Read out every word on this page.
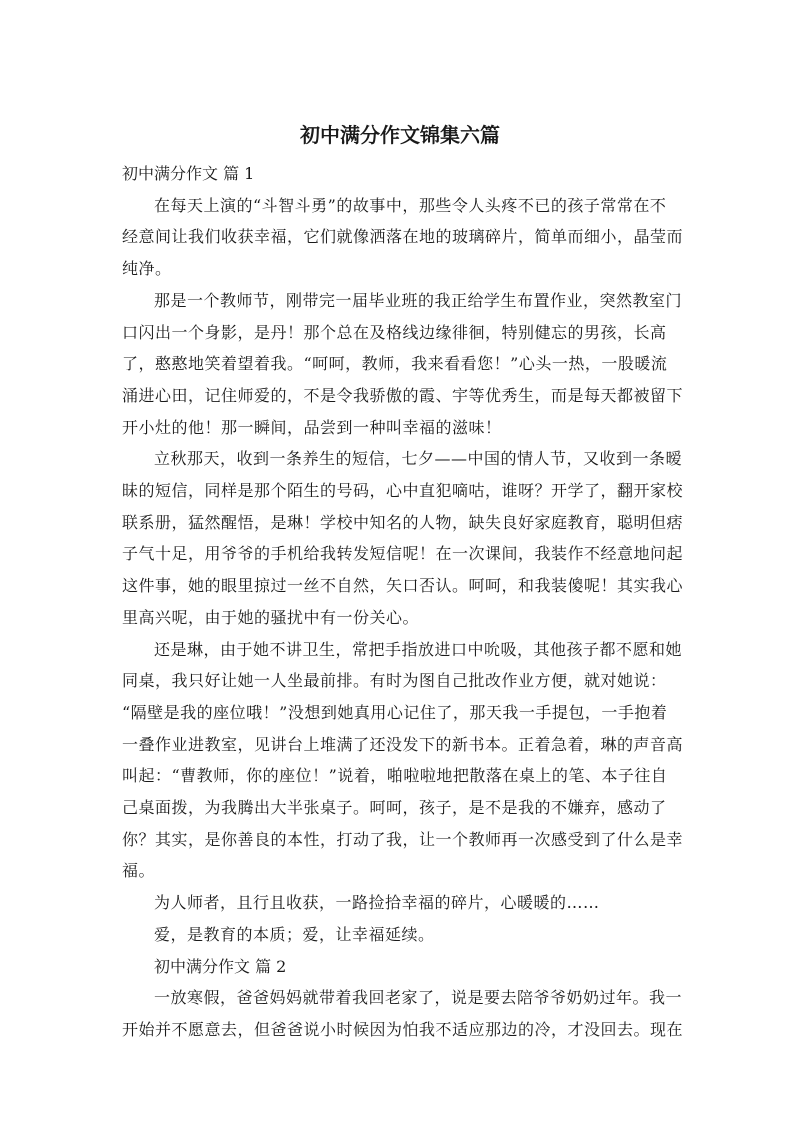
初中满分作文锦集六篇
初中满分作文 篇 1

在每天上演的“斗智斗勇”的故事中，那些令人头疼不已的孩子常常在不
经意间让我们收获幸福，它们就像洒落在地的玻璃碎片，简单而细小，晶莹而
纯净。

那是一个教师节，刚带完一届毕业班的我正给学生布置作业，突然教室门
口闪出一个身影，是丹！那个总在及格线边缘徘徊，特别健忘的男孩，长高
了，憨憨地笑着望着我。“呵呵，教师，我来看看您！”心头一热，一股暖流
涌进心田，记住师爱的，不是令我骄傲的霞、宇等优秀生，而是每天都被留下
开小灶的他！那一瞬间，品尝到一种叫幸福的滋味！

立秋那天，收到一条养生的短信，七夕——中国的情人节，又收到一条暧
昧的短信，同样是那个陌生的号码，心中直犯嘀咕，谁呀？开学了，翻开家校
联系册，猛然醒悟，是琳！学校中知名的人物，缺失良好家庭教育，聪明但痞
子气十足，用爷爷的手机给我转发短信呢！在一次课间，我装作不经意地问起
这件事，她的眼里掠过一丝不自然，矢口否认。呵呵，和我装傻呢！其实我心
里高兴呢，由于她的骚扰中有一份关心。

还是琳，由于她不讲卫生，常把手指放进口中吮吸，其他孩子都不愿和她
同桌，我只好让她一人坐最前排。有时为图自己批改作业方便，就对她说：
“隔壁是我的座位哦！”没想到她真用心记住了，那天我一手提包，一手抱着
一叠作业进教室，见讲台上堆满了还没发下的新书本。正着急着，琳的声音高
叫起：“曹教师，你的座位！”说着，啪啦啦地把散落在桌上的笔、本子往自
己桌面拨，为我腾出大半张桌子。呵呵，孩子，是不是我的不嫌弃，感动了
你？其实，是你善良的本性，打动了我，让一个教师再一次感受到了什么是幸
福。

为人师者，且行且收获，一路捡拾幸福的碎片，心暖暖的……

爱，是教育的本质；爱，让幸福延续。

初中满分作文 篇 2

一放寒假，爸爸妈妈就带着我回老家了，说是要去陪爷爷奶奶过年。我一
开始并不愿意去，但爸爸说小时候因为怕我不适应那边的冷，才没回去。现在
